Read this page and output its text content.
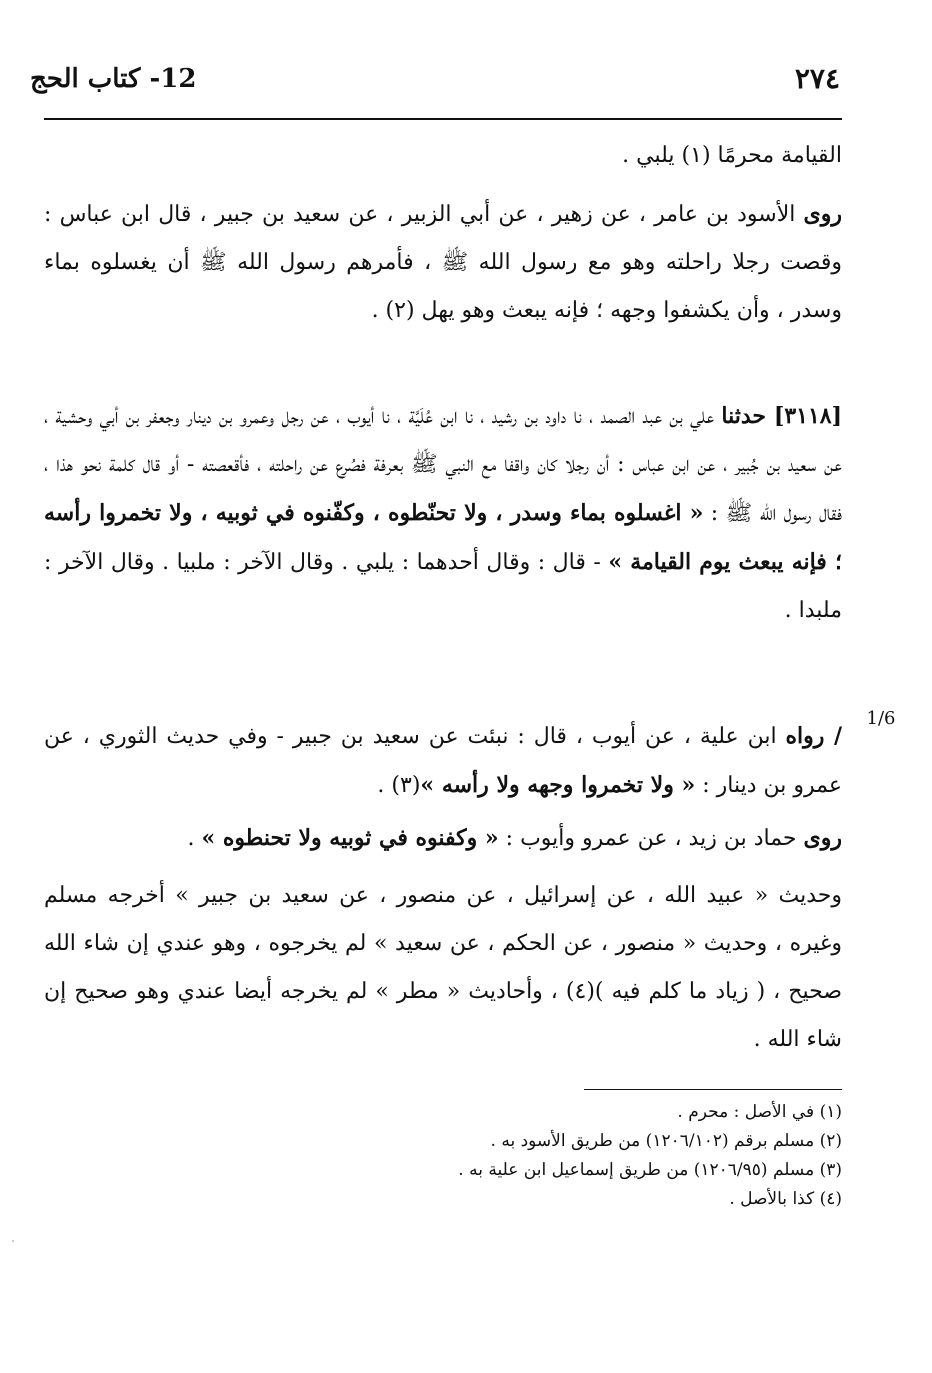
٢٧٤
12- كتاب الحج

القيامة محرمًا (١) يلبي .

روى الأسود بن عامر ، عن زهير ، عن أبي الزبير ، عن سعيد بن جبير ، قال ابن عباس : وقصت رجلا راحلته وهو مع رسول الله ﷺ ، فأمرهم رسول الله ﷺ أن يغسلوه بماء وسدر ، وأن يكشفوا وجهه ؛ فإنه يبعث وهو يهل (٢) .

[٣١١٨] حدثنا علي بن عبد الصمد ، نا داود بن رشيد ، نا ابن عُلَيَّة ، نا أيوب ، عن رجل وعمرو بن دينار وجعفر بن أبي وحشية ، عن سعيد بن جُبير ، عن ابن عباس : أن رجلا كان واقفا مع النبي ﷺ بعرفة فصُرع عن راحلته ، فأقعصته - أو قال كلمة نحو هذا ، فقال رسول الله ﷺ : « اغسلوه بماء وسدر ، ولا تحنّطوه ، وكفّنوه في ثوبيه ، ولا تخمروا رأسه ؛ فإنه يبعث يوم القيامة » - قال : وقال أحدهما : يلبي . وقال الآخر : ملبيا . وقال الآخر : ملبدا .

1/6

/ رواه ابن علية ، عن أيوب ، قال : نبئت عن سعيد بن جبير - وفي حديث الثوري ، عن عمرو بن دينار : « ولا تخمروا وجهه ولا رأسه »(٣) .

روى حماد بن زيد ، عن عمرو وأيوب : « وكفنوه في ثوبيه ولا تحنطوه » .

وحديث « عبيد الله ، عن إسرائيل ، عن منصور ، عن سعيد بن جبير » أخرجه مسلم وغيره ، وحديث « منصور ، عن الحكم ، عن سعيد » لم يخرجوه ، وهو عندي إن شاء الله صحيح ، ( زياد ما كلم فيه )(٤) ، وأحاديث « مطر » لم يخرجه أيضا عندي وهو صحيح إن شاء الله .

(١) في الأصل : محرم .
(٢) مسلم برقم (١٢٠٦/١٠٢) من طريق الأسود به .
(٣) مسلم (١٢٠٦/٩٥) من طريق إسماعيل ابن علية به .
(٤) كذا بالأصل .
